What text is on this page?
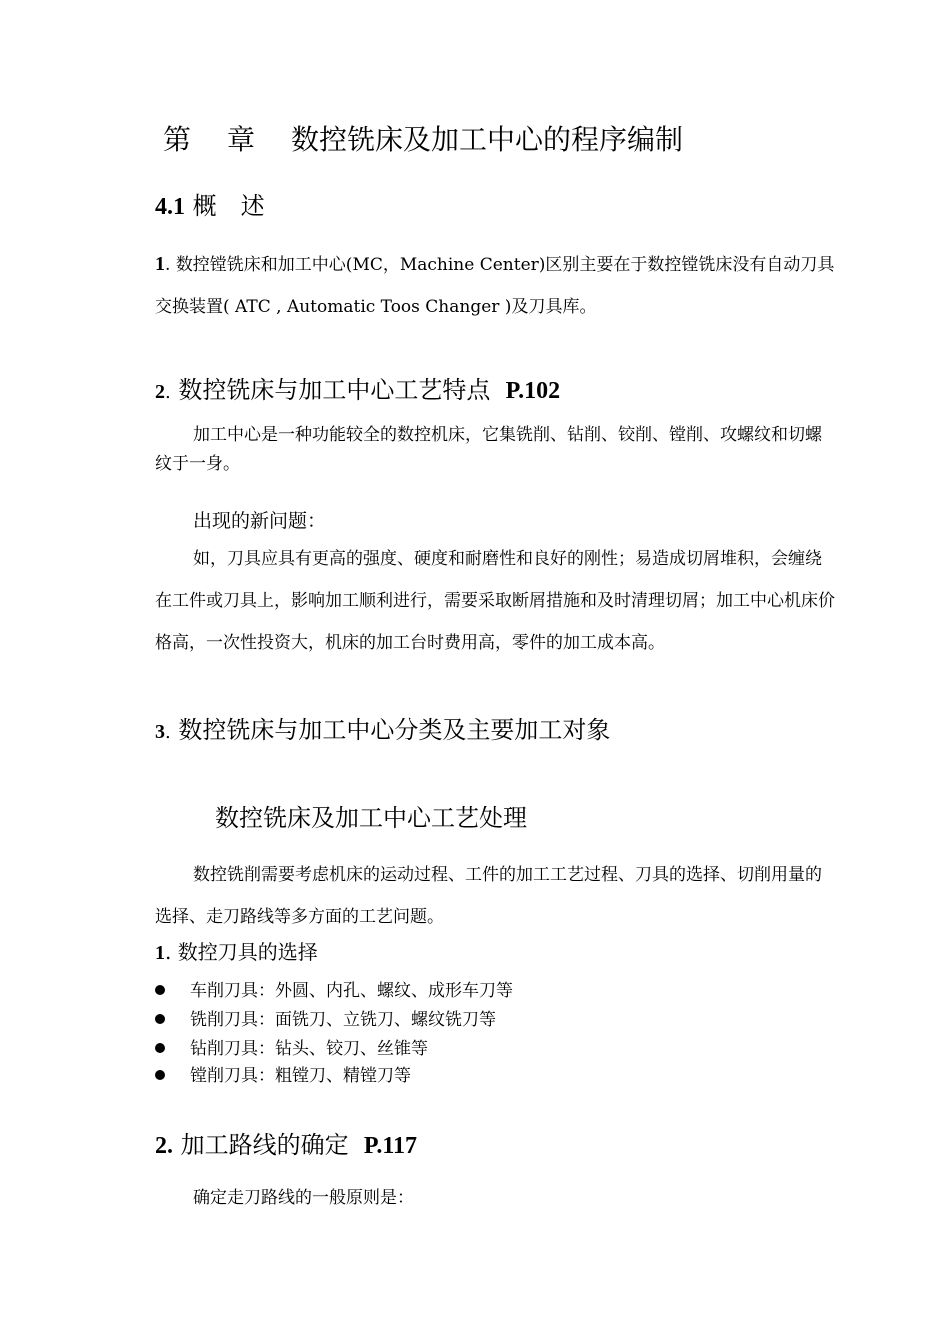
第 章 数控铣床及加工中心的程序编制
4.1 概　述
1. 数控镗铣床和加工中心(MC，Machine Center)区别主要在于数控镗铣床没有自动刀具交换装置( ATC , Automatic Toos Changer )及刀具库。
2. 数控铣床与加工中心工艺特点 P.102
加工中心是一种功能较全的数控机床，它集铣削、钻削、铰削、镗削、攻螺纹和切螺纹于一身。
出现的新问题：
如，刀具应具有更高的强度、硬度和耐磨性和良好的刚性；易造成切屑堆积，会缠绕在工件或刀具上，影响加工顺利进行，需要采取断屑措施和及时清理切屑；加工中心机床价格高，一次性投资大，机床的加工台时费用高，零件的加工成本高。
3. 数控铣床与加工中心分类及主要加工对象
数控铣床及加工中心工艺处理
数控铣削需要考虑机床的运动过程、工件的加工工艺过程、刀具的选择、切削用量的选择、走刀路线等多方面的工艺问题。
1. 数控刀具的选择
车削刀具：外圆、内孔、螺纹、成形车刀等
铣削刀具：面铣刀、立铣刀、螺纹铣刀等
钻削刀具：钻头、铰刀、丝锥等
镗削刀具：粗镗刀、精镗刀等
2. 加工路线的确定 P.117
确定走刀路线的一般原则是：
